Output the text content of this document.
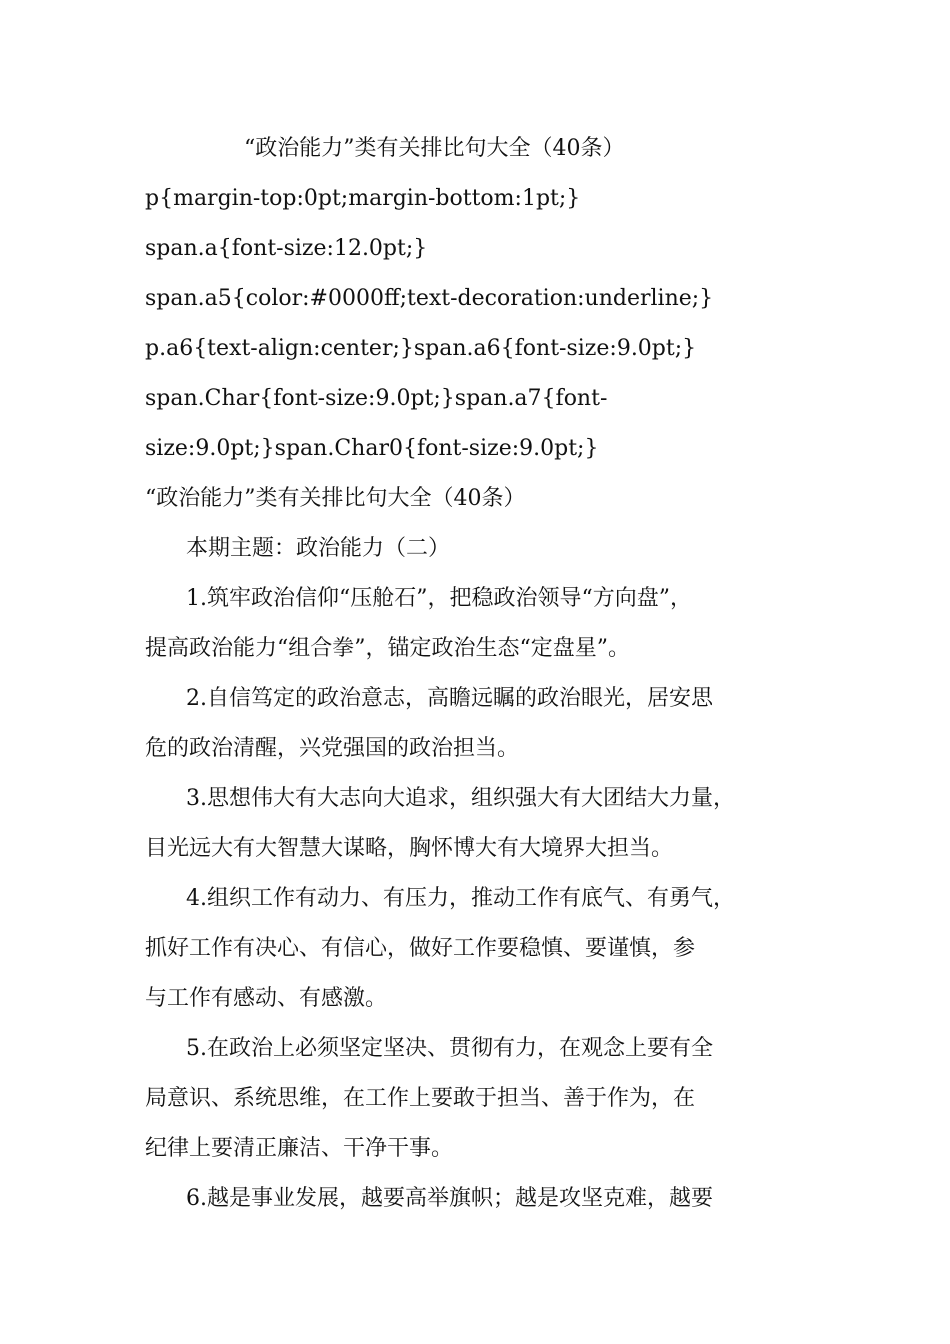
“政治能力”类有关排比句大全（40条）
p{margin-top:0pt;margin-bottom:1pt;}
span.a{font-size:12.0pt;}
span.a5{color:#0000ff;text-decoration:underline;}
p.a6{text-align:center;}span.a6{font-size:9.0pt;}
span.Char{font-size:9.0pt;}span.a7{font-
size:9.0pt;}span.Char0{font-size:9.0pt;}
“政治能力”类有关排比句大全（40条）
本期主题：政治能力（二）
1.筑牢政治信仰“压舱石”，把稳政治领导“方向盘”，
提高政治能力“组合拳”，锚定政治生态“定盘星”。
2.自信笃定的政治意志，高瞻远瞩的政治眼光，居安思
危的政治清醒，兴党强国的政治担当。
3.思想伟大有大志向大追求，组织强大有大团结大力量，
目光远大有大智慧大谋略，胸怀博大有大境界大担当。
4.组织工作有动力、有压力，推动工作有底气、有勇气，
抓好工作有决心、有信心，做好工作要稳慎、要谨慎，参
与工作有感动、有感激。
5.在政治上必须坚定坚决、贯彻有力，在观念上要有全
局意识、系统思维，在工作上要敢于担当、善于作为，在
纪律上要清正廉洁、干净干事。
6.越是事业发展，越要高举旗帜；越是攻坚克难，越要
